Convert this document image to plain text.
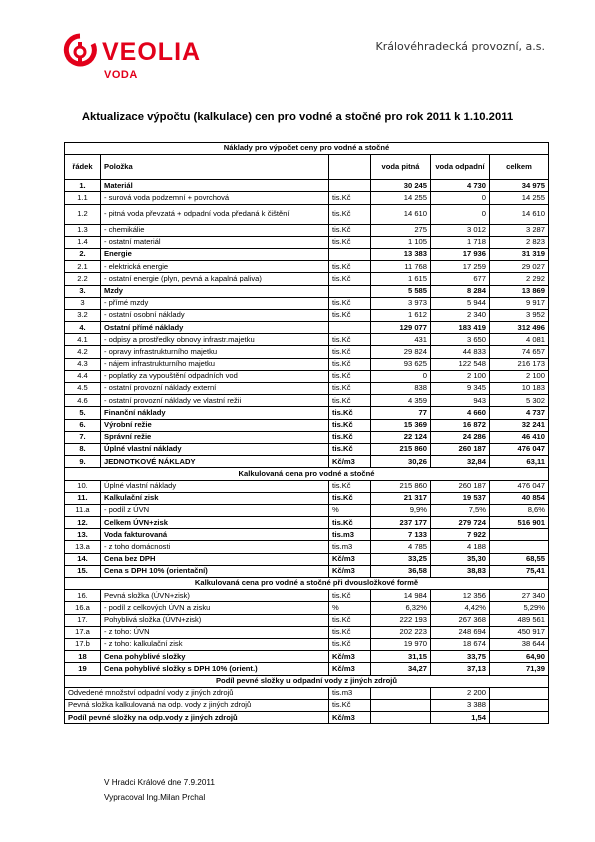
VEOLIA
VODA
Královéhradecká provozní, a.s.
Aktualizace výpočtu (kalkulace) cen pro vodné a stočné pro rok 2011 k 1.10.2011
Náklady pro výpočet ceny pro vodné a stočné					
řádek	Položka		voda pitná	voda odpadní	celkem
1.	Materiál		30 245	4 730	34 975
1.1	- surová voda podzemní + povrchová	tis.Kč	14 255	0	14 255
1.2	- pitná voda převzatá + odpadní voda předaná k čištění	tis.Kč	14 610	0	14 610
1.3	- chemikálie	tis.Kč	275	3 012	3 287
1.4	- ostatní materiál	tis.Kč	1 105	1 718	2 823
2.	Energie		13 383	17 936	31 319
2.1	- elektrická energie	tis.Kč	11 768	17 259	29 027
2.2	- ostatní energie (plyn, pevná a kapalná paliva)	tis.Kč	1 615	677	2 292
3.	Mzdy		5 585	8 284	13 869
3	- přímé mzdy	tis.Kč	3 973	5 944	9 917
3.2	- ostatní osobní náklady	tis.Kč	1 612	2 340	3 952
4.	Ostatní přímé náklady		129 077	183 419	312 496
4.1	- odpisy a prostředky obnovy infrastr.majetku	tis.Kč	431	3 650	4 081
4.2	- opravy infrastrukturního majetku	tis.Kč	29 824	44 833	74 657
4.3	- nájem infrastrukturního majetku	tis.Kč	93 625	122 548	216 173
4.4	- poplatky za vypouštění odpadních vod	tis.Kč	0	2 100	2 100
4.5	- ostatní provozní náklady externí	tis.Kč	838	9 345	10 183
4.6	- ostatní provozní náklady ve vlastní režii	tis.Kč	4 359	943	5 302
5.	Finanční náklady	tis.Kč	77	4 660	4 737
6.	Výrobní režie	tis.Kč	15 369	16 872	32 241
7.	Správní režie	tis.Kč	22 124	24 286	46 410
8.	Úplné vlastní náklady	tis.Kč	215 860	260 187	476 047
9.	JEDNOTKOVÉ NÁKLADY	Kč/m3	30,26	32,84	63,11
Kalkulovaná cena pro vodné a stočné					
10.	Úplné vlastní náklady	tis.Kč	215 860	260 187	476 047
11.	Kalkulační zisk	tis.Kč	21 317	19 537	40 854
11.a	- podíl z ÚVN	%	9,9%	7,5%	8,6%
12.	Celkem ÚVN+zisk	tis.Kč	237 177	279 724	516 901
13.	Voda fakturovaná	tis.m3	7 133	7 922	
13.a	- z toho domácnosti	tis.m3	4 785	4 188	
14.	Cena bez DPH	Kč/m3	33,25	35,30	68,55
15.	Cena s DPH 10% (orientační)	Kč/m3	36,58	38,83	75,41
Kalkulovaná cena pro vodné a stočné při dvousložkové formě					
16.	Pevná složka (ÚVN+zisk)	tis.Kč	14 984	12 356	27 340
16.a	- podíl z celkových ÚVN a zisku	%	6,32%	4,42%	5,29%
17.	Pohyblivá složka (ÚVN+zisk)	tis.Kč	222 193	267 368	489 561
17.a	- z toho: ÚVN	tis.Kč	202 223	248 694	450 917
17.b	- z toho: kalkulační zisk	tis.Kč	19 970	18 674	38 644
18	Cena pohyblivé složky	Kč/m3	31,15	33,75	64,90
19	Cena pohyblivé složky s DPH 10% (orient.)	Kč/m3	34,27	37,13	71,39
Podíl pevné složky u odpadní vody z jiných zdrojů					
Odvedené množství odpadní vody z jiných zdrojů		tis.m3		2 200	
Pevná složka kalkulovaná na odp. vody z jiných zdrojů		tis.Kč		3 388	
Podíl pevné složky na odp.vody z jiných zdrojů		Kč/m3		1,54	
V Hradci Králové dne 7.9.2011
Vypracoval Ing.Milan Prchal
